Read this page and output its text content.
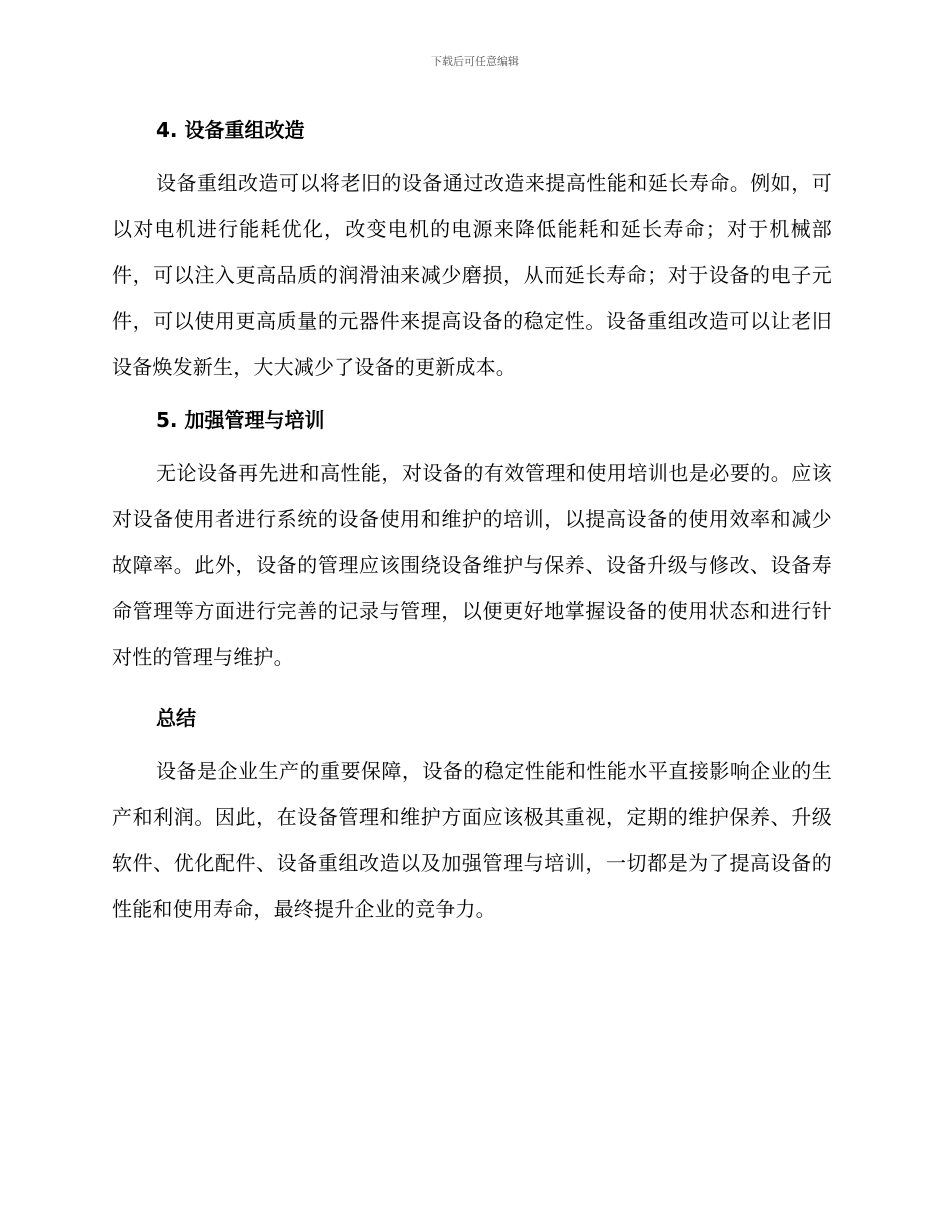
下载后可任意编辑
4. 设备重组改造

设备重组改造可以将老旧的设备通过改造来提高性能和延长寿命。例如，可以对电机进行能耗优化，改变电机的电源来降低能耗和延长寿命；对于机械部件，可以注入更高品质的润滑油来减少磨损，从而延长寿命；对于设备的电子元件，可以使用更高质量的元器件来提高设备的稳定性。设备重组改造可以让老旧设备焕发新生，大大减少了设备的更新成本。

5. 加强管理与培训

无论设备再先进和高性能，对设备的有效管理和使用培训也是必要的。应该对设备使用者进行系统的设备使用和维护的培训，以提高设备的使用效率和减少故障率。此外，设备的管理应该围绕设备维护与保养、设备升级与修改、设备寿命管理等方面进行完善的记录与管理，以便更好地掌握设备的使用状态和进行针对性的管理与维护。

总结

设备是企业生产的重要保障，设备的稳定性能和性能水平直接影响企业的生产和利润。因此，在设备管理和维护方面应该极其重视，定期的维护保养、升级软件、优化配件、设备重组改造以及加强管理与培训，一切都是为了提高设备的性能和使用寿命，最终提升企业的竞争力。
